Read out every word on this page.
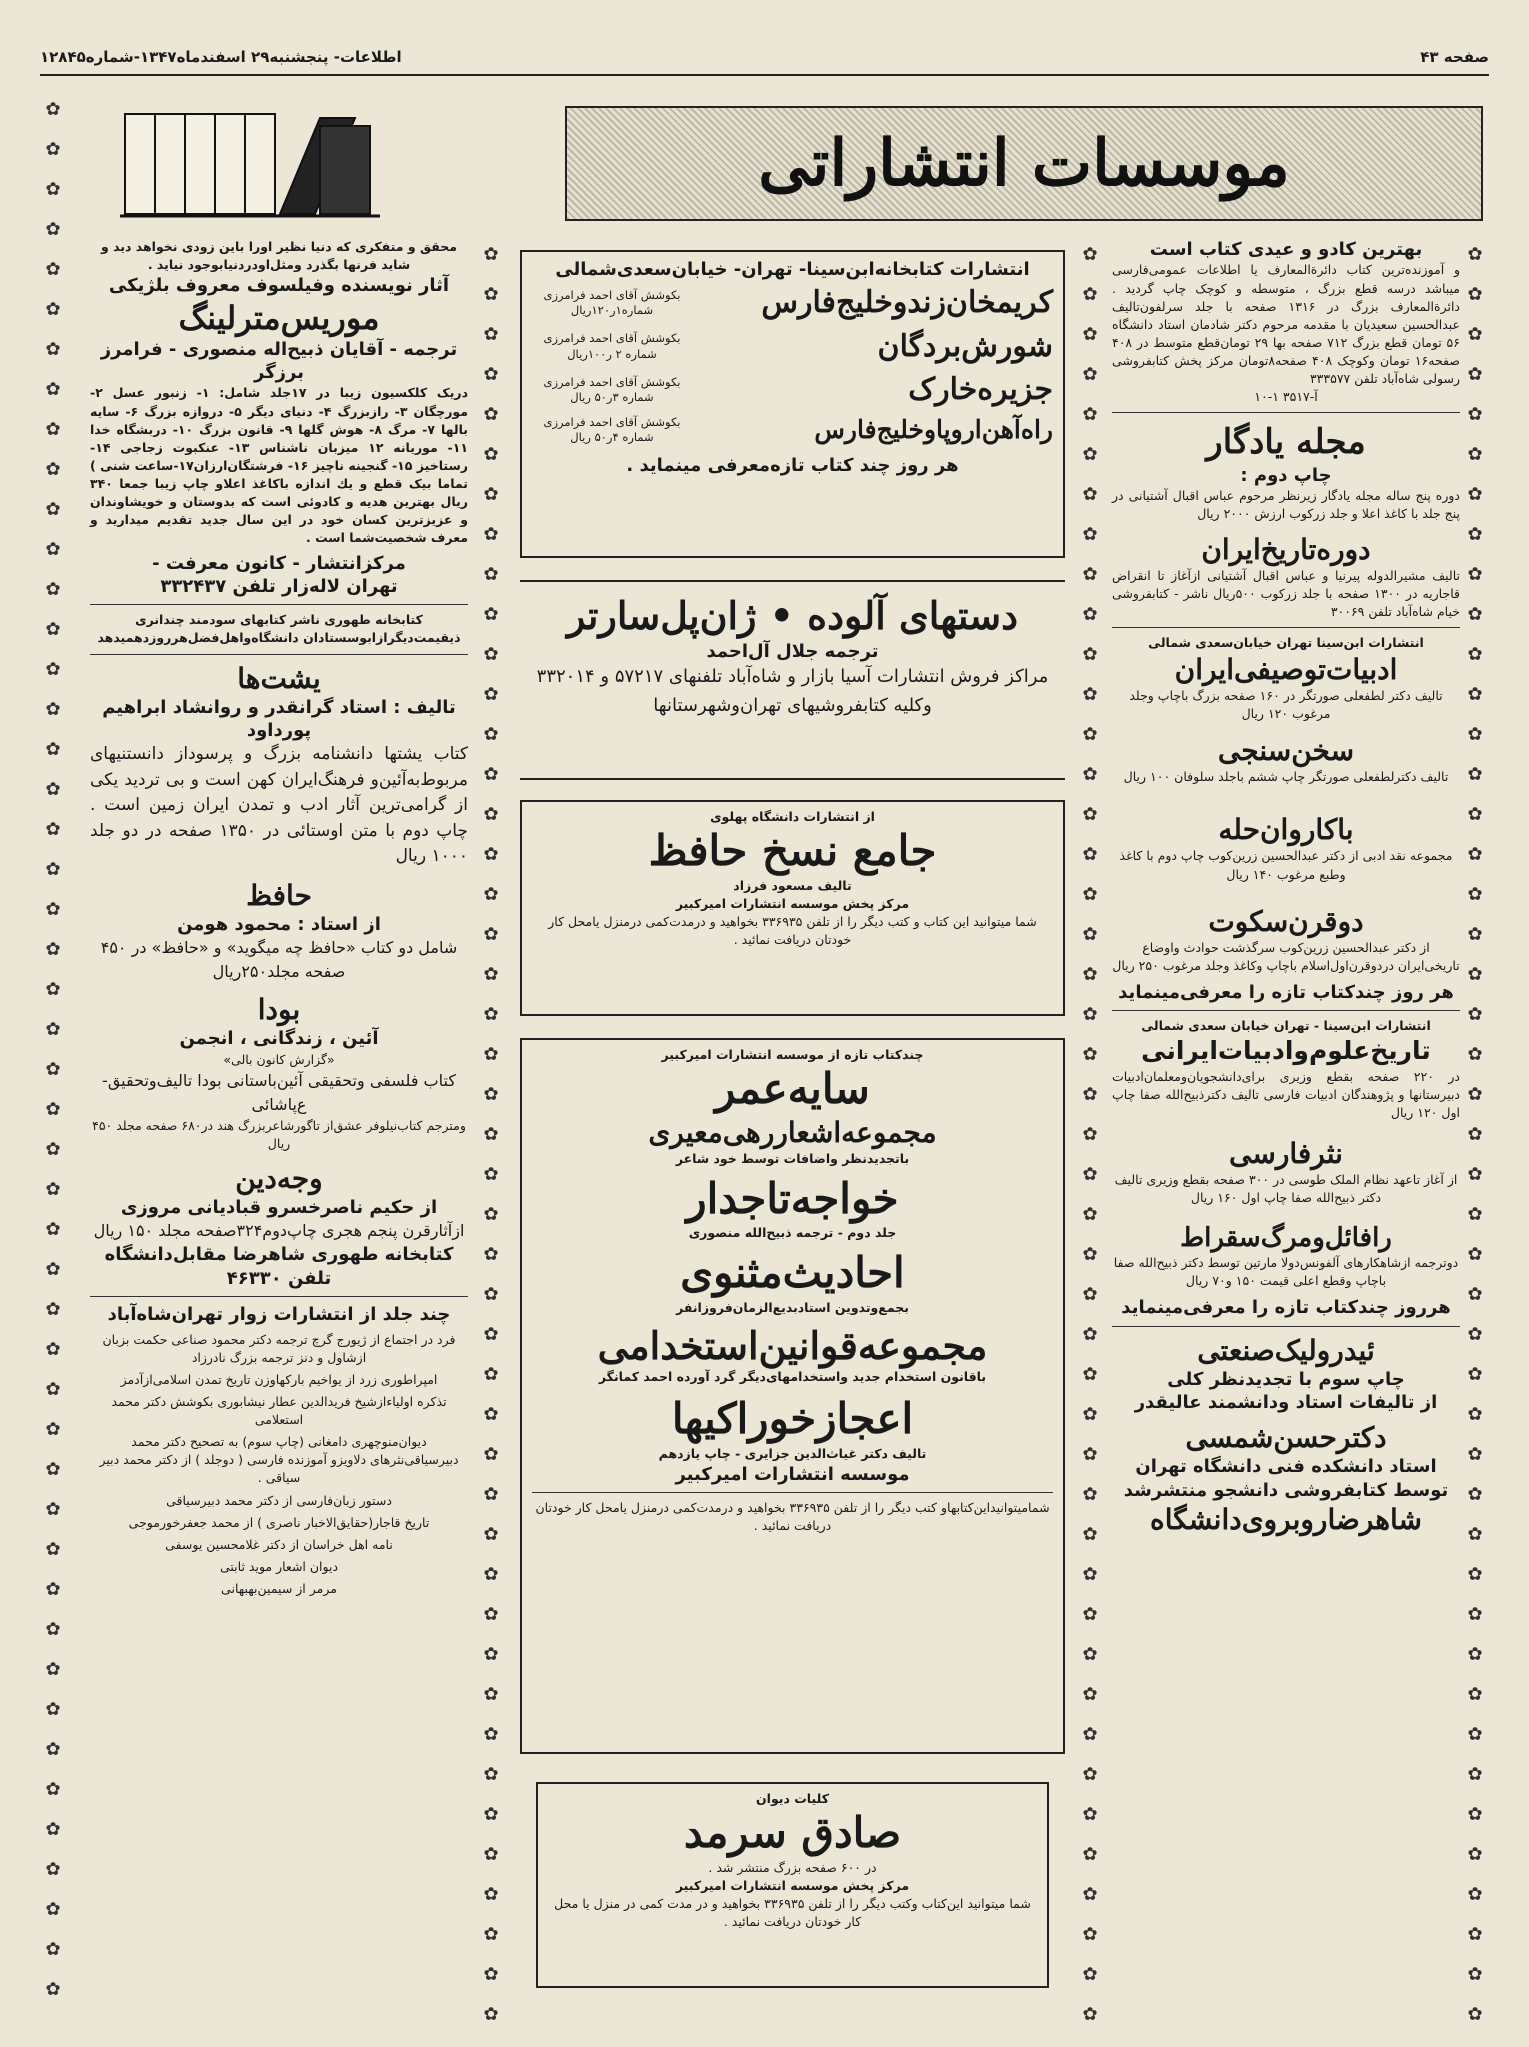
صفحه ۴۳
اطلاعات- پنجشنبه۲۹ اسفندماه۱۳۴۷-شماره۱۲۸۴۵
✿ ✿ ✿ ✿ ✿ ✿ ✿ ✿ ✿ ✿ ✿ ✿ ✿ ✿ ✿ ✿ ✿ ✿ ✿ ✿ ✿ ✿ ✿ ✿ ✿ ✿ ✿ ✿ ✿ ✿ ✿ ✿ ✿ ✿ ✿ ✿ ✿ ✿ ✿ ✿ ✿ ✿ ✿ ✿ ✿ ✿ ✿ ✿
✿ ✿ ✿ ✿ ✿ ✿ ✿ ✿ ✿ ✿ ✿ ✿ ✿ ✿ ✿ ✿ ✿ ✿ ✿ ✿ ✿ ✿ ✿ ✿ ✿ ✿ ✿ ✿ ✿ ✿ ✿ ✿ ✿ ✿ ✿ ✿ ✿ ✿ ✿ ✿ ✿ ✿ ✿ ✿ ✿
✿ ✿ ✿ ✿ ✿ ✿ ✿ ✿ ✿ ✿ ✿ ✿ ✿ ✿ ✿ ✿ ✿ ✿ ✿ ✿ ✿ ✿ ✿ ✿ ✿ ✿ ✿ ✿ ✿ ✿ ✿ ✿ ✿ ✿ ✿ ✿ ✿ ✿ ✿ ✿ ✿ ✿ ✿ ✿ ✿
✿ ✿ ✿ ✿ ✿ ✿ ✿ ✿ ✿ ✿ ✿ ✿ ✿ ✿ ✿ ✿ ✿ ✿ ✿ ✿ ✿ ✿ ✿ ✿ ✿ ✿ ✿ ✿ ✿ ✿ ✿ ✿ ✿ ✿ ✿ ✿ ✿ ✿ ✿ ✿ ✿ ✿ ✿ ✿ ✿
موسسات انتشاراتی

بهترین کادو و عیدی کتاب است

و آموزنده‌ترین کتاب دائرةالمعارف یا اطلاعات عمومی‌فارسی میباشد درسه قطع بزرگ ، متوسطه و کوچک چاپ گردید . دائرةالمعارف بزرگ در ۱۳۱۶ صفحه با جلد سرلفون‌تالیف عبدالحسین سعیدیان با مقدمه مرحوم دکتر شادمان استاد دانشگاه ۵۶ تومان قطع بزرگ ۷۱۲ صفحه بها ۲۹ تومان‌قطع متوسط در ۴۰۸ صفحه۱۶ تومان وکوچک ۴۰۸ صفحه۸تومان مرکز پخش کتابفروشی رسولی شاه‌آباد تلفن ۳۳۳۵۷۷

آ-۳۵۱۷ ۱-۱۰

مجله یادگار

چاپ دوم :

دوره پنج ساله مجله یادگار زیرنظر مرحوم عباس اقبال آشتیانی در پنج جلد با کاغذ اعلا و جلد زرکوب ارزش ۲۰۰۰ ریال

دوره‌تاریخ‌ایران

تالیف مشیرالدوله پیرنیا و عباس اقبال آشتیانی ازآغاز تا انقراض قاجاریه در ۱۳۰۰ صفحه با جلد زرکوب ۵۰۰ریال ناشر - کتابفروشی خیام شاه‌آباد تلفن ۳۰۰۶۹

انتشارات ابن‌سینا تهران خیابان‌سعدی شمالی

ادبیات‌توصیفی‌ایران

تالیف دکتر لطفعلی صورتگر در ۱۶۰ صفحه بزرگ باچاپ وجلد مرغوب ۱۲۰ ریال

سخن‌سنجی

تالیف دکترلطفعلی صورتگر چاپ ششم باجلد سلوفان ۱۰۰ ریال

باکاروان‌حله

مجموعه نقد ادبی از دکتر عبدالحسین زرین‌کوب چاپ دوم با کاغذ وطبع مرغوب ۱۴۰ ریال

دوقرن‌سکوت

از دکتر عبدالحسین زرین‌کوب سرگذشت حوادث واوضاع تاریخی‌ایران دردوقرن‌اول‌اسلام باچاپ وکاغذ وجلد مرغوب ۲۵۰ ریال

هر روز چندکتاب تازه را معرفی‌مینماید

انتشارات ابن‌سینا - تهران خیابان سعدی شمالی

تاریخ‌علوم‌وادبیات‌ایرانی

در ۲۲۰ صفحه بقطع وزیری برای‌دانشجویان‌ومعلمان‌ادبیات دبیرستانها و پژوهندگان ادبیات فارسی تالیف دکترذبیح‌الله صفا چاپ اول ۱۲۰ ریال

نثرفارسی

از آغاز تاعهد نظام الملک طوسی در ۳۰۰ صفحه بقطع وزیری تالیف دکتر ذبیح‌الله صفا چاپ اول ۱۶۰ ریال

رافائل‌ومرگ‌سقراط

دوترجمه ازشاهکارهای آلفونس‌دولا مارتین توسط دکتر ذبیح‌الله صفا باچاپ وقطع اعلی قیمت ۱۵۰ و۷۰ ریال

هرروز چندکتاب تازه را معرفی‌مینماید

ئیدرولیک‌صنعتی

چاپ سوم با تجدیدنظر کلی

از تالیفات استاد ودانشمند عالیقدر

دکترحسن‌شمسی

استاد دانشکده فنی دانشگاه تهران

توسط کتابفروشی دانشجو منتشرشد

شاهرضاروبروی‌دانشگاه

انتشارات کتابخانه‌ابن‌سینا- تهران- خیابان‌سعدی‌شمالی

کریمخان‌زندوخلیج‌فارس
بکوشش آقای احمد فرامرزی شماره۱ر۱۲۰ریال
شورش‌بردگان
بکوشش آقای احمد فرامرزی شماره ۲ ر۱۰۰ریال
جزیره‌خارک
بکوشش آقای احمد فرامرزی شماره ۳ر۵۰ ریال
راه‌آهن‌اروپاوخلیج‌فارس
بکوشش آقای احمد فرامرزی شماره ۴ر۵۰ ریال

هر روز چند کتاب تازه‌معرفی مینماید .

دستهای آلوده • ژان‌پل‌سارتر

ترجمه جلال آل‌احمد

مراکز فروش انتشارات آسیا بازار و شاه‌آباد تلفنهای ۵۷۲۱۷ و ۳۳۲۰۱۴ وکلیه کتابفروشیهای تهران‌وشهرستانها

از انتشارات دانشگاه پهلوی

جامع نسخ حافظ

تالیف مسعود فرزاد

مرکز پخش موسسه انتشارات امیرکبیر

شما میتوانید این کتاب و کتب دیگر را از تلفن ۳۳۶۹۳۵ بخواهید و درمدت‌کمی درمنزل یامحل کار خودتان دریافت نمائید .

چندکتاب تازه از موسسه انتشارات امیرکبیر

سایه‌عمر

مجموعه‌اشعاررهی‌معیری

باتجدیدنظر واضافات توسط خود شاعر

خواجه‌تاجدار

جلد دوم - ترجمه ذبیح‌الله منصوری

احادیث‌مثنوی

بجمع‌وتدوین استادبدیع‌الزمان‌فروزانفر

مجموعه‌قوانین‌استخدامی

باقانون استخدام جدید واستخدامهای‌دیگر گرد آورده احمد کمانگر

اعجازخوراکیها

تالیف دکتر غیاث‌الدین جزایری - چاپ یازدهم

موسسه انتشارات امیرکبیر

شمامیتوانیداین‌کتابهاو کتب دیگر را از تلفن ۳۳۶۹۳۵ بخواهید و درمدت‌کمی درمنزل یامحل کار خودتان دریافت نمائید .

کلیات دیوان

صادق سرمد

در ۶۰۰ صفحه بزرگ منتشر شد .

مرکز پخش موسسه انتشارات امیرکبیر

شما میتوانید این‌کتاب وکتب دیگر را از تلفن ۳۳۶۹۳۵ بخواهید و در مدت کمی در منزل یا محل کار خودتان دریافت نمائید .

محقق و متفکری که دنیا نظیر اورا باین زودی نخواهد دید و شاید فرنها بگذرد ومثل‌اودردنیا‌بوجود نیاید .

آثار نویسنده وفیلسوف معروف بلژیکی

موریس‌مترلینگ

ترجمه - آقایان ذبیح‌اله منصوری - فرامرز برزگر

دریک کلکسیون زیبا در ۱۷جلد شامل: ۱- زنبور عسل ۲- مورچگان ۳- رازبزرگ ۴- دنیای دیگر ۵- دروازه بزرگ ۶- سایه بالها ۷- مرگ ۸- هوش گلها ۹- قانون بزرگ ۱۰- دربشگاه خدا ۱۱- موریانه ۱۲ میزبان ناشناس ۱۳- عنکبوت زجاجی ۱۴- رستاخیز ۱۵- گنجینه ناچیز ۱۶- فرشتگان‌ارزان۱۷-ساعت شنی ) تماما بیک قطع و یك اندازه باکاغذ اعلاو چاپ زیبا جمعا ۳۴۰ ریال بهترین هدیه و کادوئی است که بدوستان و خویشاوندان و عزیزترین کسان خود در این سال جدید تقدیم میدارید و معرف شخصیت‌شما است .

مرکزانتشار - کانون معرفت -

تهران لاله‌زار تلفن ۳۳۲۴۳۷

کتابخانه طهوری ناشر کتابهای سودمند چندانری ذیقیمت‌دیگرازابوسستادان دانشگاه‌واهل‌فضل‌هرروزدهمیدهد

یشت‌ها

تالیف : استاد گرانقدر و روانشاد ابراهیم پورداود

کتاب یشتها دانشنامه بزرگ و پرسوداز دانستنیهای مربوط‌به‌آئین‌و فرهنگ‌ایران کهن است و بی تردید یکی از گرامی‌ترین آثار ادب و تمدن ایران زمین است . چاپ دوم با متن اوستائی در ۱۳۵۰ صفحه در دو جلد ۱۰۰۰ ریال

حافظ

از استاد : محمود هومن

شامل دو کتاب «حافظ چه میگوید» و «حافظ» در ۴۵۰ صفحه مجلد۲۵۰ریال

بودا

آئین ، زندگانی ، انجمن

«گزارش کانون بالی»

کتاب فلسفی وتحقیقی آئین‌باستانی بودا تالیف‌وتحقیق-ع‌پاشائی

ومترجم کتاب‌نیلوفر عشق‌از تاگورشاعر‌بزرگ هند در۶۸۰ صفحه مجلد ۴۵۰ ریال

وجه‌دین

از حکیم ناصرخسرو قبادیانی مروزی

ازآثارقرن پنجم هجری چاپ‌دوم۳۲۴صفحه مجلد ۱۵۰ ریال

کتابخانه طهوری شاهرضا مقابل‌دانشگاه تلفن ۴۶۳۳۰

چند جلد از انتشارات زوار تهران‌شاه‌آباد

فرد در اجتماع از ژیورج گرچ ترجمه دکتر محمود صناعی حکمت بزبان ازشاول و دنز ترجمه بزرگ نادرزاد

امپراطوری زرد از یواخیم بارکهاوزن تاریخ تمدن اسلامی‌ازآدمز

تذکره اولیاءازشیخ فریدالدین عطار نیشابوری بکوشش دکتر محمد استعلامی

دیوان‌منوچهری دامغانی (چاپ سوم) به تصحیح دکتر محمد دبیرسیاقی‌نثرهای دلاویزو آموزنده فارسی ( دوجلد ) از دکتر محمد دبیر سیاقی .

دستور زبان‌فارسی از دکتر محمد دبیرسیاقی

تاریخ قاجار(حقایق‌الاخبار ناصری ) از محمد جعفرخورموجی

نامه اهل خراسان از دکتر غلامحسین یوسفی

دیوان اشعار موید ثابتی

مرمر از سیمین‌بهبهانی
